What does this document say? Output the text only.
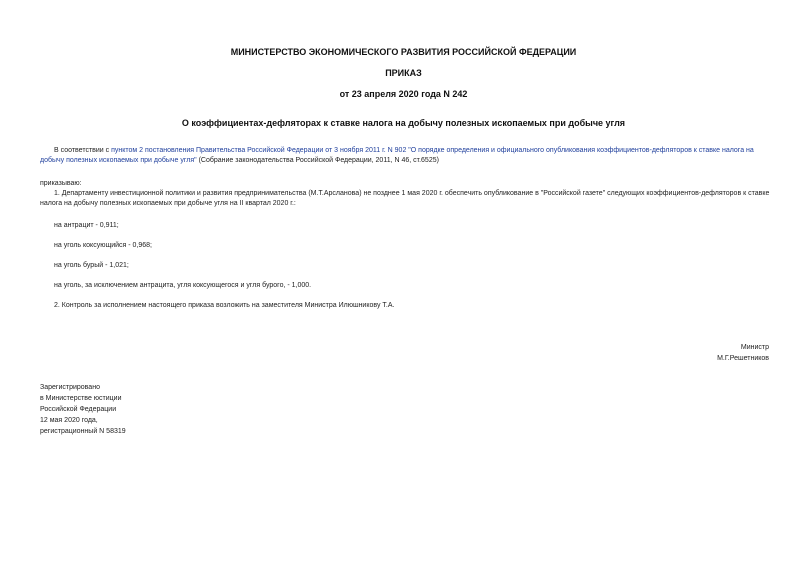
МИНИСТЕРСТВО ЭКОНОМИЧЕСКОГО РАЗВИТИЯ РОССИЙСКОЙ ФЕДЕРАЦИИ
ПРИКАЗ
от 23 апреля 2020 года N 242
О коэффициентах-дефляторах к ставке налога на добычу полезных ископаемых при добыче угля
В соответствии с пунктом 2 постановления Правительства Российской Федерации от 3 ноября 2011 г. N 902 "О порядке определения и официального опубликования коэффициентов-дефляторов к ставке налога на добычу полезных ископаемых при добыче угля" (Собрание законодательства Российской Федерации, 2011, N 46, ст.6525)
приказываю:
1. Департаменту инвестиционной политики и развития предпринимательства (М.Т.Арсланова) не позднее 1 мая 2020 г. обеспечить опубликование в "Российской газете" следующих коэффициентов-дефляторов к ставке налога на добычу полезных ископаемых при добыче угля на II квартал 2020 г.:
на антрацит - 0,911;
на уголь коксующийся - 0,968;
на уголь бурый - 1,021;
на уголь, за исключением антрацита, угля коксующегося и угля бурого, - 1,000.
2. Контроль за исполнением настоящего приказа возложить на заместителя Министра Илюшникову Т.А.
Министр
М.Г.Решетников
Зарегистрировано
в Министерстве юстиции
Российской Федерации
12 мая 2020 года,
регистрационный N 58319
